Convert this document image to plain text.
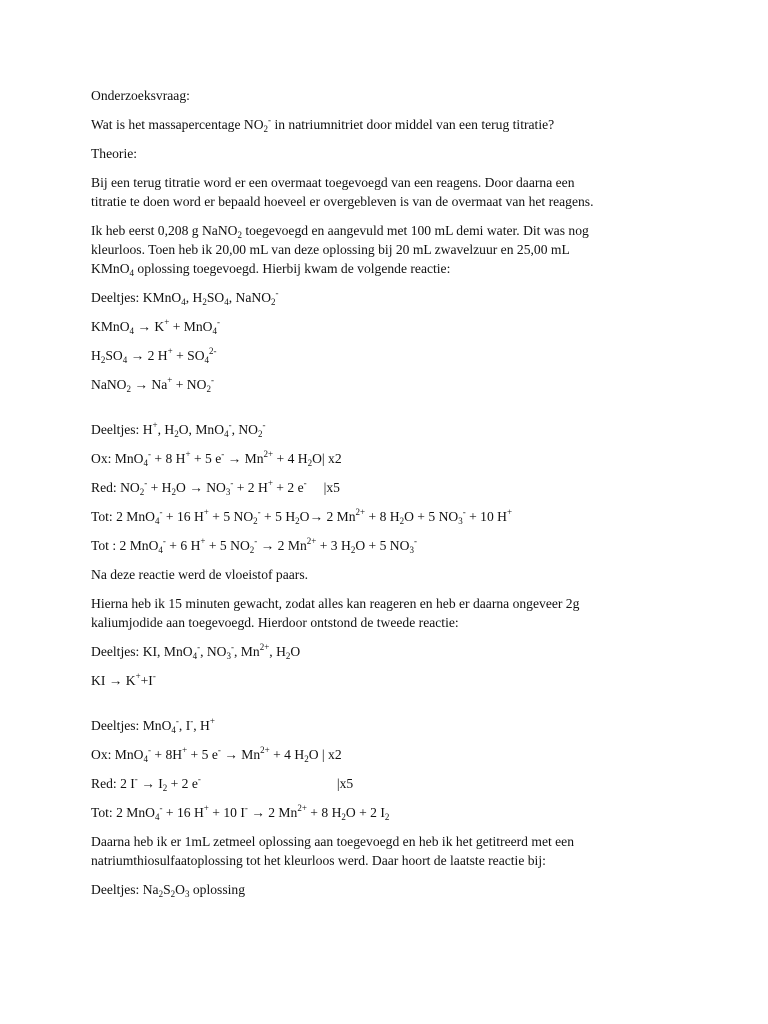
Onderzoeksvraag:

Wat is het massapercentage $NO_2^-$ in natriumnitriet door middel van een terug titratie?

Theorie:

Bij een terug titratie word er een overmaat toegevoegd van een reagens. Door daarna een

titratie te doen word er bepaald hoeveel er overgebleven is van de overmaat van het reagens.

Ik heb eerst 0,208 g NaNO$_2$ toegevoegd en aangevuld met 100 mL demi water. Dit was nog

kleurloos. Toen heb ik 20,00 mL van deze oplossing bij 20 mL zwavelzuur en 25,00 mL

KMnO$_4$ oplossing toegevoegd. Hierbij kwam de volgende reactie:

Deeltjes: KMnO$_4$, $H_2SO_4$, NaNO$_2$-

KMnO$_4$ → K+ + MnO$_4$-

$H_2SO_4 \to 2$ $H^+ + SO_4^{2-}$

NaNO$_2$ → $Na^+ + NO_2^-$

Deeltjes: H+, $H_2O$, MnO$_4$-, $NO_2^-$

Ox: MnO$_4$- + 8 H+ + 5 $e^- \to Mn^{2+} + 4$ $H_2O|$ x2

Red: $NO_2^- + H_2O \to NO_3^- + 2$ H+ + 2 e-     |x5

Tot: 2 MnO$_4$- + 16 H+ + 5 $NO_2^- + 5$ $H_2O\to 2$ $Mn^{2+} + 8$ $H_2O + 5$ $NO_3^- + 10$ H+

Tot : 2 MnO$_4$- + 6 H+ + 5 $NO_2^- \to 2$ $Mn^{2+} + 3$ $H_2O + 5$ $NO_3^-$

Na deze reactie werd de vloeistof paars.

Hierna heb ik 15 minuten gewacht, zodat alles kan reageren en heb er daarna ongeveer 2g

kaliumjodide aan toegevoegd. Hierdoor ontstond de tweede reactie:

Deeltjes: KI, MnO$_4$-, $NO_3^-$, $Mn^{2+}$, $H_2O$

KI → K++I-

Deeltjes: MnO$_4$-, I-, H+

Ox: MnO$_4$- + 8H+ + 5 $e^- \to Mn^{2+} + 4$ $H_2O$ | x2

Red: 2 $I^- \to I_2 + 2$ e-                                        |x5

Tot: 2 MnO$_4$- + 16 H+ + 10 I- → 2 $Mn^{2+} + 8$ $H_2O + 2$ $I_2$

Daarna heb ik er 1mL zetmeel oplossing aan toegevoegd en heb ik het getitreerd met een

natriumthiosulfaatoplossing tot het kleurloos werd. Daar hoort de laatste reactie bij:

Deeltjes: $Na_2S_2O_3$ oplossing
